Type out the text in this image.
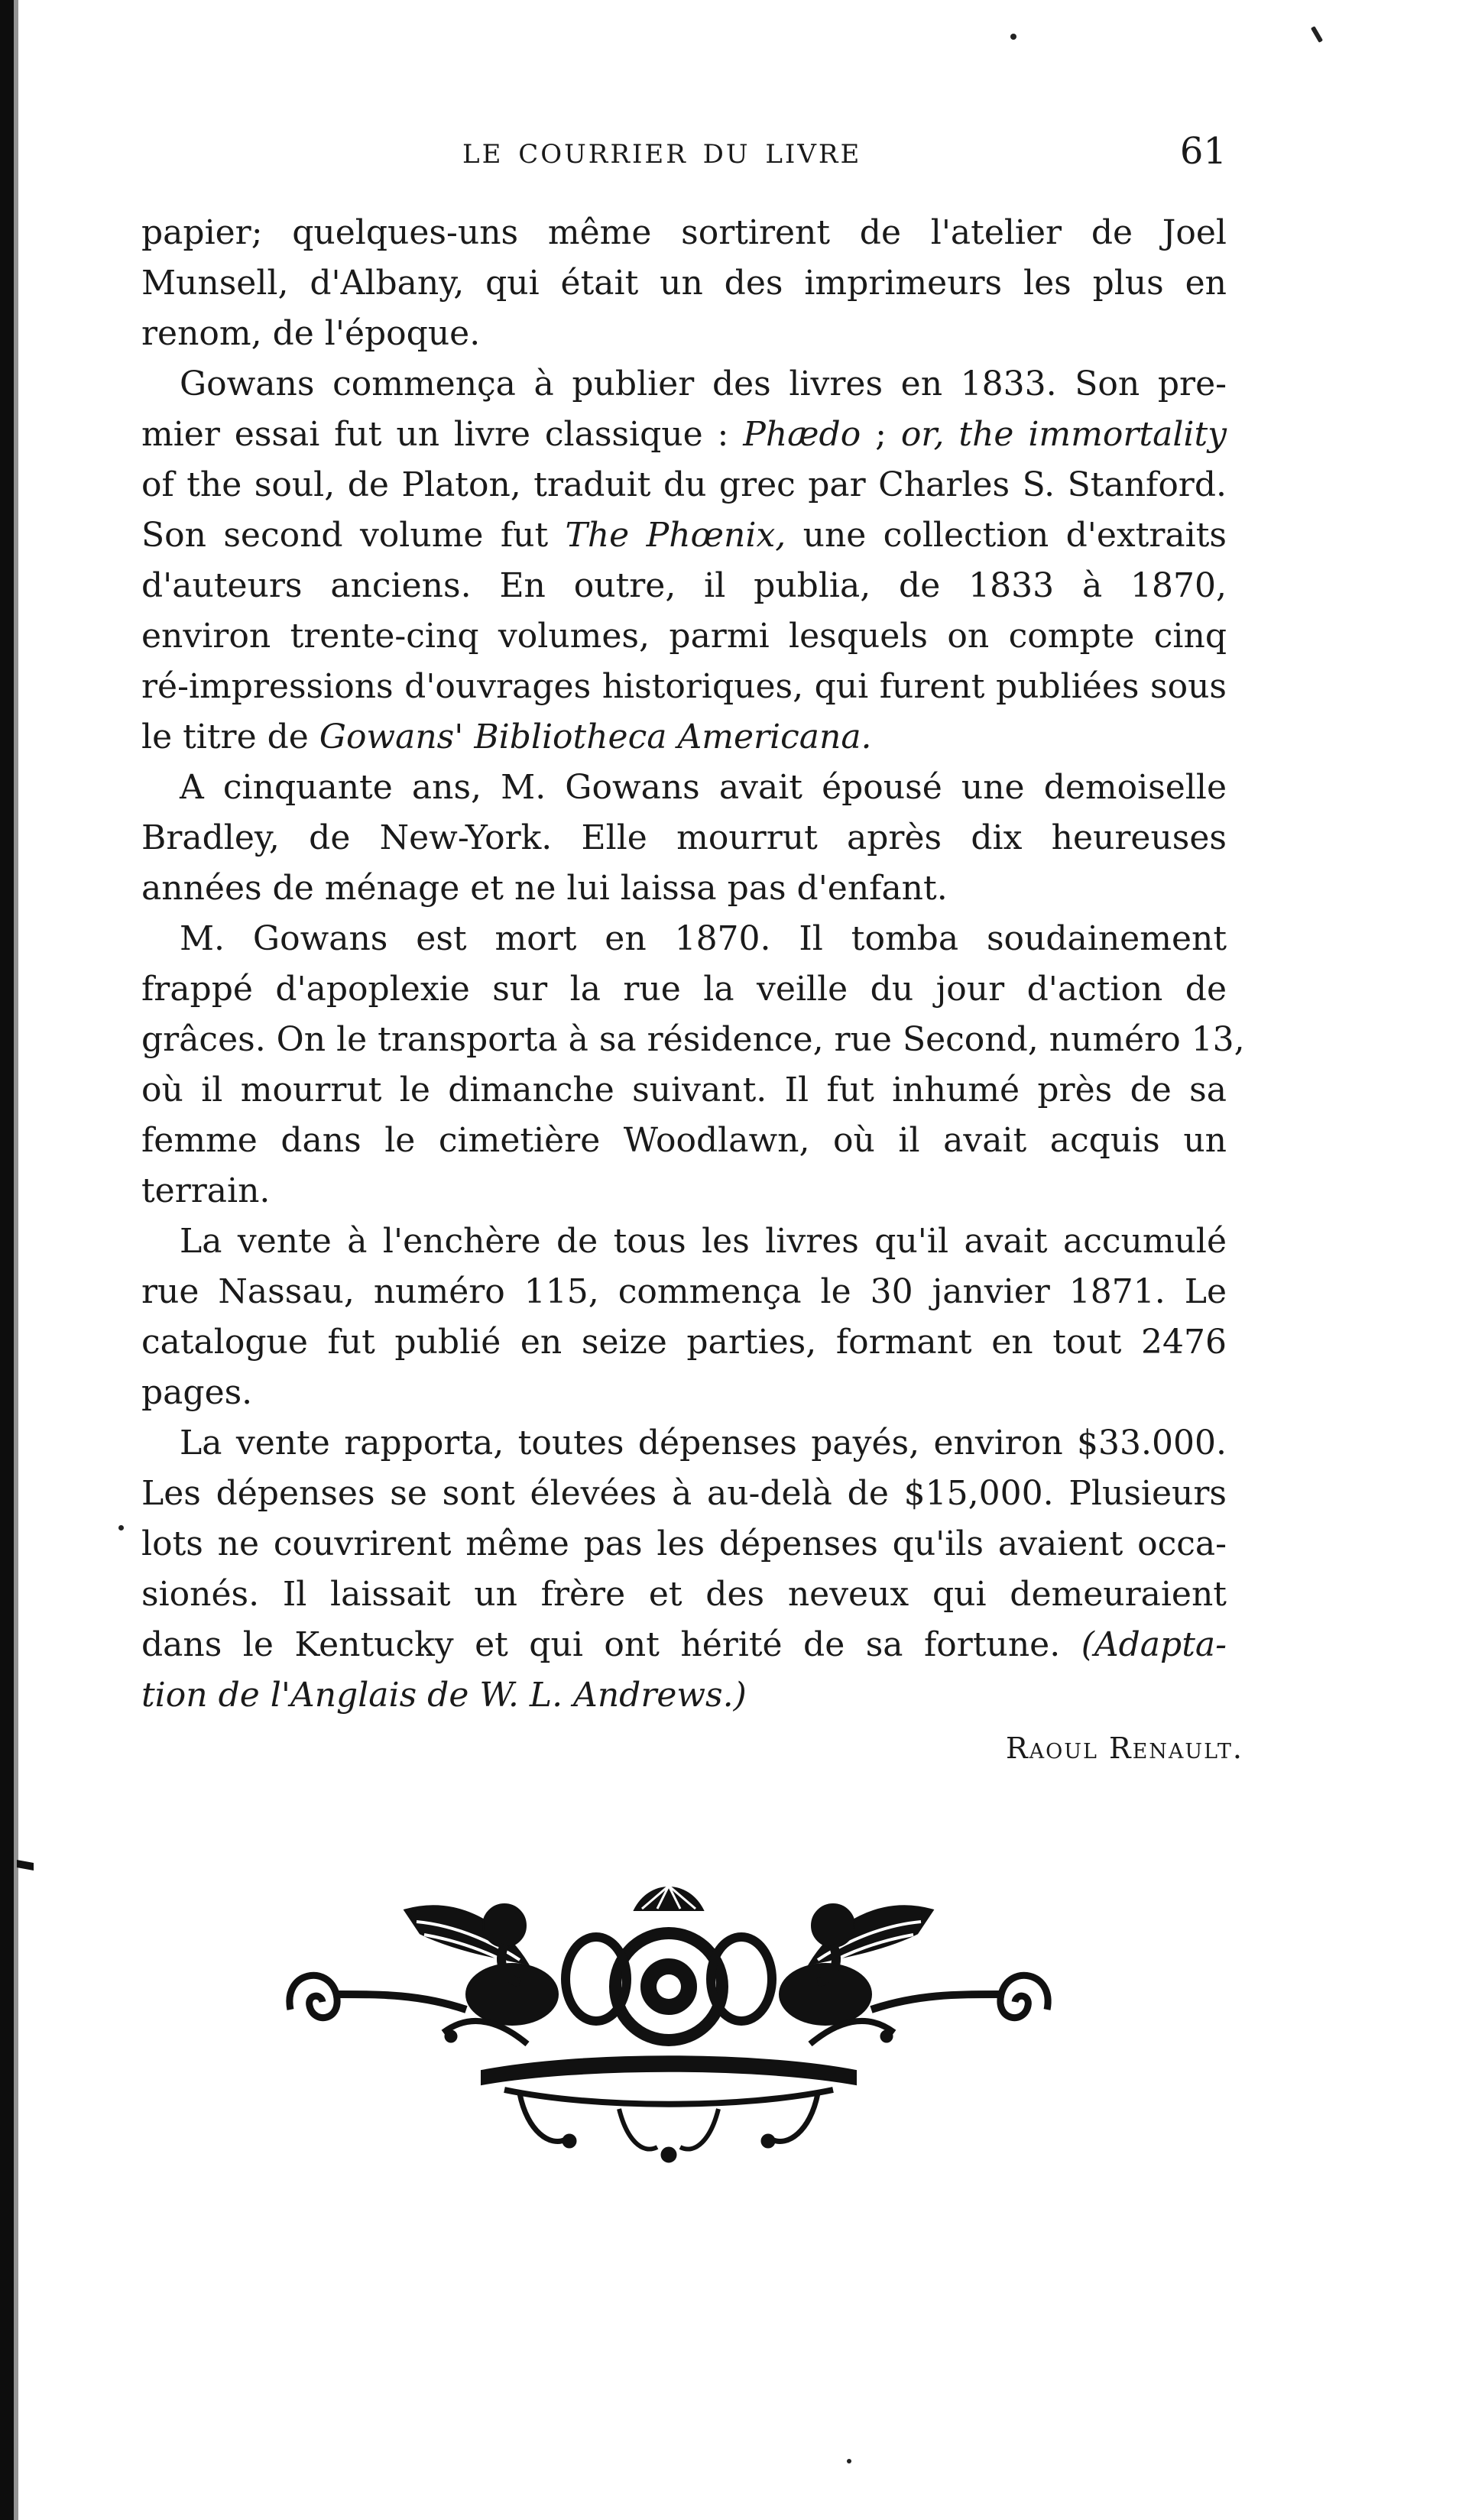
LE COURRIER DU LIVRE	61
papier; quelques-uns même sortirent de l'atelier de Joel
Munsell, d'Albany, qui était un des imprimeurs les plus en
renom, de l'époque.
Gowans commença à publier des livres en 1833. Son pre-
mier essai fut un livre classique : Phædo ; or, the immortality
of the soul, de Platon, traduit du grec par Charles S. Stanford.
Son second volume fut The Phœnix, une collection d'extraits
d'auteurs anciens. En outre, il publia, de 1833 à 1870,
environ trente-cinq volumes, parmi lesquels on compte cinq
ré-impressions d'ouvrages historiques, qui furent publiées sous
le titre de Gowans' Bibliotheca Americana.
A cinquante ans, M. Gowans avait épousé une demoiselle
Bradley, de New-York. Elle mourrut après dix heureuses
années de ménage et ne lui laissa pas d'enfant.
M. Gowans est mort en 1870. Il tomba soudainement
frappé d'apoplexie sur la rue la veille du jour d'action de
grâces. On le transporta à sa résidence, rue Second, numéro 13,
où il mourrut le dimanche suivant. Il fut inhumé près de sa
femme dans le cimetière Woodlawn, où il avait acquis un
terrain.
La vente à l'enchère de tous les livres qu'il avait accumulé
rue Nassau, numéro 115, commença le 30 janvier 1871. Le
catalogue fut publié en seize parties, formant en tout 2476
pages.
La vente rapporta, toutes dépenses payés, environ $33.000.
Les dépenses se sont élevées à au-delà de $15,000. Plusieurs
lots ne couvrirent même pas les dépenses qu'ils avaient occa-
sionés. Il laissait un frère et des neveux qui demeuraient
dans le Kentucky et qui ont hérité de sa fortune. (Adapta-
tion de l'Anglais de W. L. Andrews.)
Raoul Renault.
